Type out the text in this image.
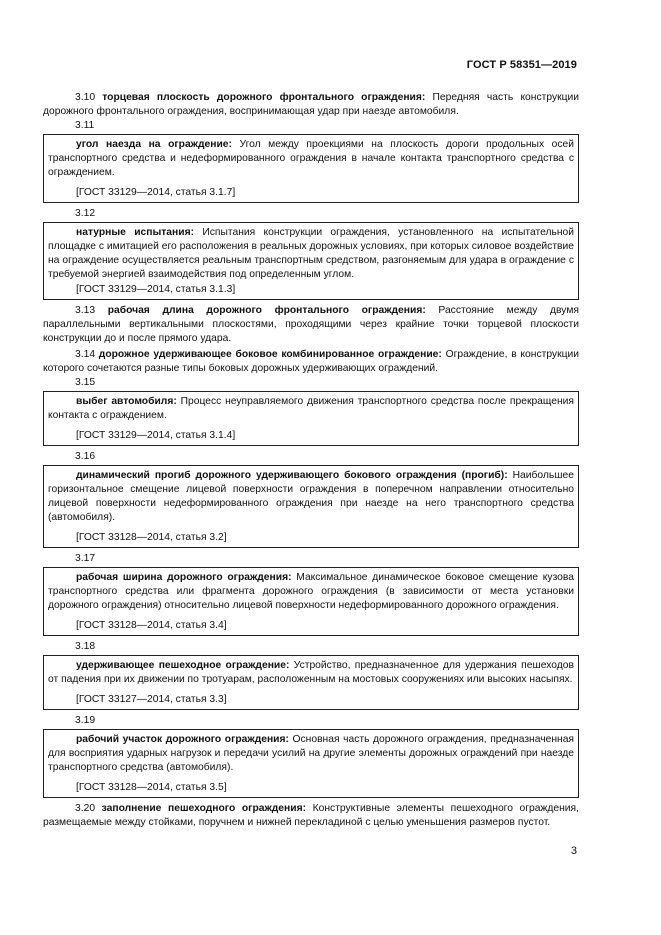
ГОСТ Р 58351—2019

3.10 торцевая плоскость дорожного фронтального ограждения: Передняя часть конструкции дорожного фронтального ограждения, воспринимающая удар при наезде автомобиля.

3.11

угол наезда на ограждение: Угол между проекциями на плоскость дороги продольных осей транспортного средства и недеформированного ограждения в начале контакта транспортного средства с ограждением.

[ГОСТ 33129—2014, статья 3.1.7]
3.12

натурные испытания: Испытания конструкции ограждения, установленного на испытательной площадке с имитацией его расположения в реальных дорожных условиях, при которых силовое воздействие на ограждение осуществляется реальным транспортным средством, разгоняемым для удара в ограждение с требуемой энергией взаимодействия под определенным углом.

[ГОСТ 33129—2014, статья 3.1.3]

3.13 рабочая длина дорожного фронтального ограждения: Расстояние между двумя параллельными вертикальными плоскостями, проходящими через крайние точки торцевой плоскости конструкции до и после прямого удара.

3.14 дорожное удерживающее боковое комбинированное ограждение: Ограждение, в конструкции которого сочетаются разные типы боковых дорожных удерживающих ограждений.

3.15

выбег автомобиля: Процесс неуправляемого движения транспортного средства после прекращения контакта с ограждением.

[ГОСТ 33129—2014, статья 3.1.4]
3.16

динамический прогиб дорожного удерживающего бокового ограждения (прогиб): Наибольшее горизонтальное смещение лицевой поверхности ограждения в поперечном направлении относительно лицевой поверхности недеформированного ограждения при наезде на него транспортного средства (автомобиля).

[ГОСТ 33128—2014, статья 3.2]
3.17

рабочая ширина дорожного ограждения: Максимальное динамическое боковое смещение кузова транспортного средства или фрагмента дорожного ограждения (в зависимости от места установки дорожного ограждения) относительно лицевой поверхности недеформированного дорожного ограждения.

[ГОСТ 33128—2014, статья 3.4]
3.18

удерживающее пешеходное ограждение: Устройство, предназначенное для удержания пешеходов от падения при их движении по тротуарам, расположенным на мостовых сооружениях или высоких насыпях.

[ГОСТ 33127—2014, статья 3.3]
3.19

рабочий участок дорожного ограждения: Основная часть дорожного ограждения, предназначенная для восприятия ударных нагрузок и передачи усилий на другие элементы дорожных ограждений при наезде транспортного средства (автомобиля).

[ГОСТ 33128—2014, статья 3.5]

3.20 заполнение пешеходного ограждения: Конструктивные элементы пешеходного ограждения, размещаемые между стойками, поручнем и нижней перекладиной с целью уменьшения размеров пустот.

3
